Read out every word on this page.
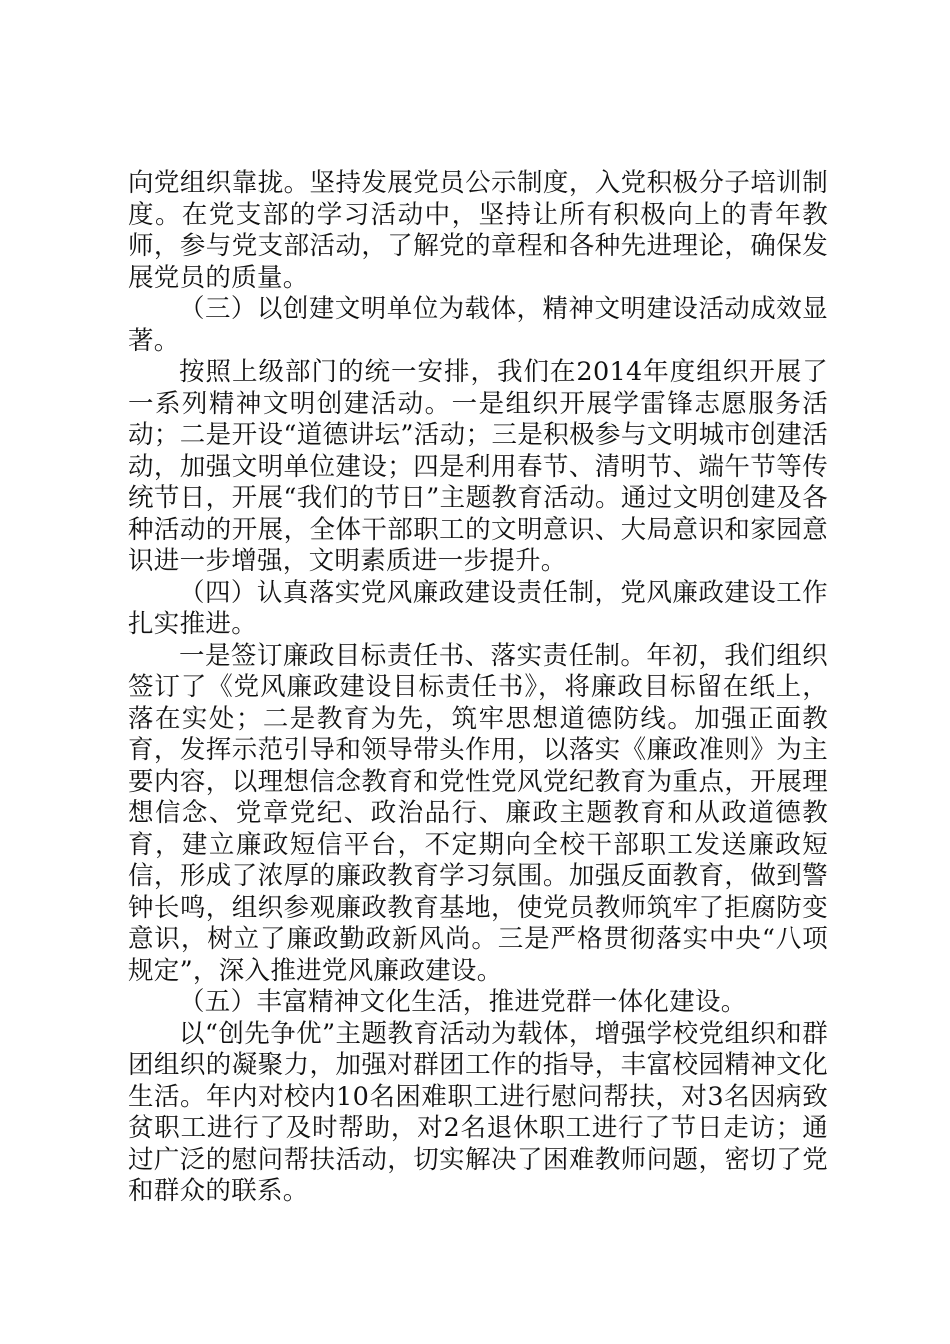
向党组织靠拢。坚持发展党员公示制度，入党积极分子培训制度。在党支部的学习活动中，坚持让所有积极向上的青年教师，参与党支部活动，了解党的章程和各种先进理论，确保发展党员的质量。

（三）以创建文明单位为载体，精神文明建设活动成效显著。

按照上级部门的统一安排，我们在2014年度组织开展了一系列精神文明创建活动。一是组织开展学雷锋志愿服务活动；二是开设“道德讲坛”活动；三是积极参与文明城市创建活动，加强文明单位建设；四是利用春节、清明节、端午节等传统节日，开展“我们的节日”主题教育活动。通过文明创建及各种活动的开展，全体干部职工的文明意识、大局意识和家园意识进一步增强，文明素质进一步提升。

（四）认真落实党风廉政建设责任制，党风廉政建设工作扎实推进。

一是签订廉政目标责任书、落实责任制。年初，我们组织签订了《党风廉政建设目标责任书》，将廉政目标留在纸上，落在实处；二是教育为先，筑牢思想道德防线。加强正面教育，发挥示范引导和领导带头作用，以落实《廉政准则》为主要内容，以理想信念教育和党性党风党纪教育为重点，开展理想信念、党章党纪、政治品行、廉政主题教育和从政道德教育，建立廉政短信平台，不定期向全校干部职工发送廉政短信，形成了浓厚的廉政教育学习氛围。加强反面教育，做到警钟长鸣，组织参观廉政教育基地，使党员教师筑牢了拒腐防变意识，树立了廉政勤政新风尚。三是严格贯彻落实中央“八项规定”，深入推进党风廉政建设。

（五）丰富精神文化生活，推进党群一体化建设。

以“创先争优”主题教育活动为载体，增强学校党组织和群团组织的凝聚力，加强对群团工作的指导，丰富校园精神文化生活。年内对校内10名困难职工进行慰问帮扶，对3名因病致贫职工进行了及时帮助，对2名退休职工进行了节日走访；通过广泛的慰问帮扶活动，切实解决了困难教师问题，密切了党和群众的联系。
